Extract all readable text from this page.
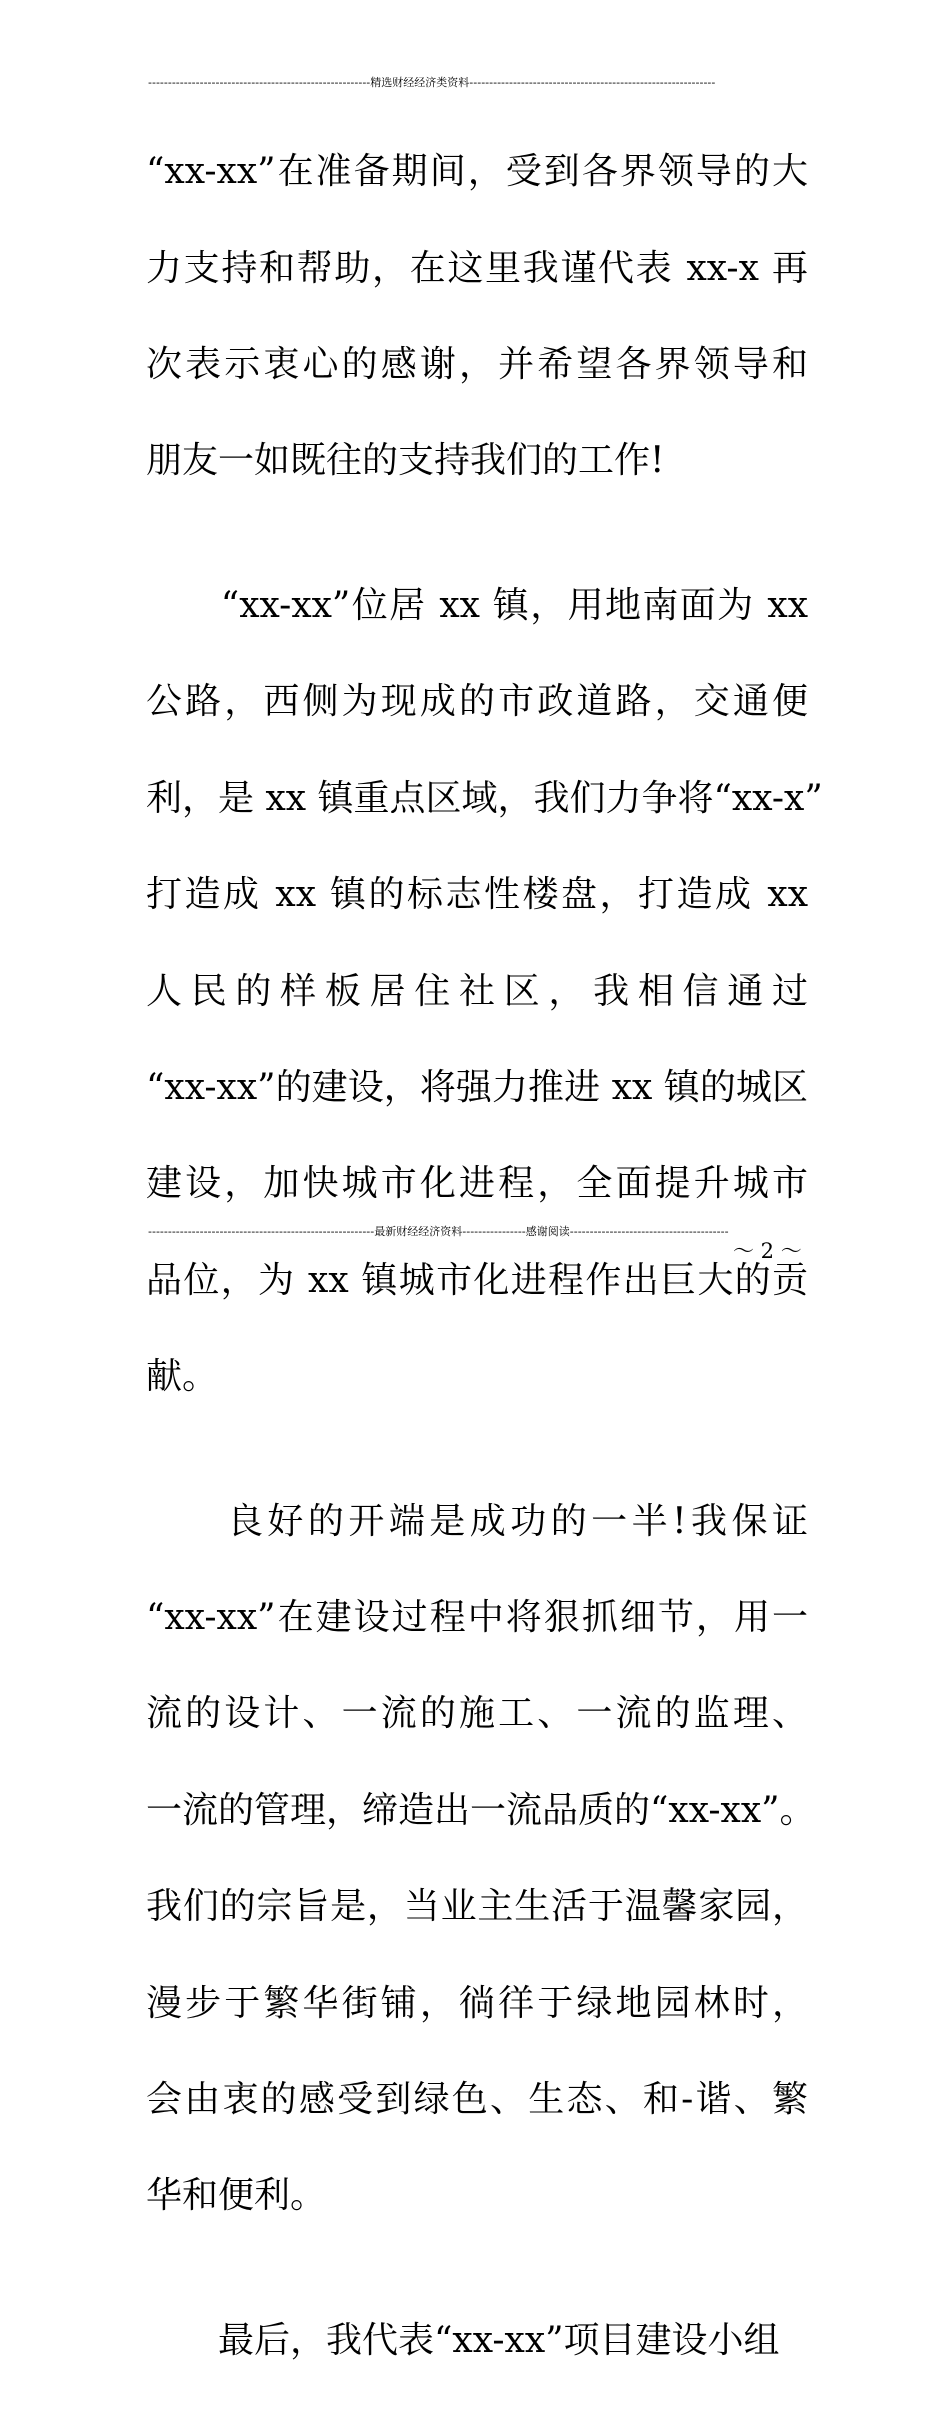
--------------------------------------------------------精选财经经济类资料--------------------------------------------------------------

“xx-xx”在准备期间，受到各界领导的大

力支持和帮助，在这里我谨代表 xx-x 再

次表示衷心的感谢，并希望各界领导和

朋友一如既往的支持我们的工作!

　　“xx-xx”位居 xx 镇，用地南面为 xx

公路，西侧为现成的市政道路，交通便

利，是 xx 镇重点区域，我们力争将“xx-x”

打造成 xx 镇的标志性楼盘，打造成 xx

人民的样板居住社区，我相信通过

“xx-xx”的建设，将强力推进 xx 镇的城区

建设，加快城市化进程，全面提升城市

品位，为 xx 镇城市化进程作出巨大的贡

献。

　　良好的开端是成功的一半!我保证

“xx-xx”在建设过程中将狠抓细节，用一

流的设计、一流的施工、一流的监理、

一流的管理，缔造出一流品质的“xx-xx”。

我们的宗旨是，当业主生活于温馨家园，

漫步于繁华街铺，徜徉于绿地园林时，

会由衷的感受到绿色、生态、和-谐、繁

华和便利。

　　最后，我代表“xx-xx”项目建设小组

---------------------------------------------------------最新财经经济资料----------------感谢阅读----------------------------------------
～ 2 ～
